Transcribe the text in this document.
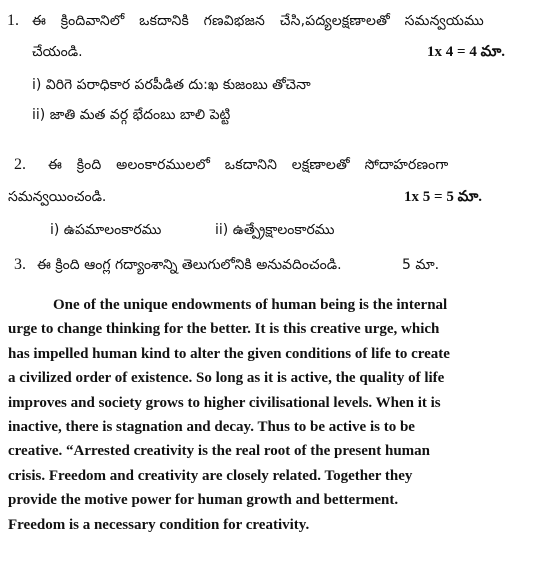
1. ఈ క్రిందివానిలో ఒకదానికి గణవిభజన చేసి,పద్యలక్షణాలతో సమన్వయము
చేయండి.	1x 4 = 4 మా.
i) విరిగె పరాధికార పరపీడిత దు:ఖ కుజంబు తోచెనా
ii) జాతి మత వర్గ భేదంబు బాలి పెట్టి
2. ఈ క్రింది అలంకారములలో ఒకదానిని లక్షణాలతో సోదాహరణంగా
సమన్వయించండి.	1x 5 = 5 మా.
i) ఉపమాలంకారము	ii) ఉత్ప్రేక్షాలంకారము
3. ఈ క్రింది ఆంగ్ల గద్యాంశాన్ని తెలుగులోనికి అనువదించండి.	5 మా.
One of the unique endowments of human being is the internal
urge to change thinking for the better. It is this creative urge, which
has impelled human kind to alter the given conditions of life to create
a civilized order of existence. So long as it is active, the quality of life
improves and society grows to higher civilisational levels. When it is
inactive, there is stagnation and decay. Thus to be active is to be
creative. “Arrested creativity is the real root of the present human
crisis. Freedom and creativity are closely related. Together they
provide the motive power for human growth and betterment.
Freedom is a necessary condition for creativity.
